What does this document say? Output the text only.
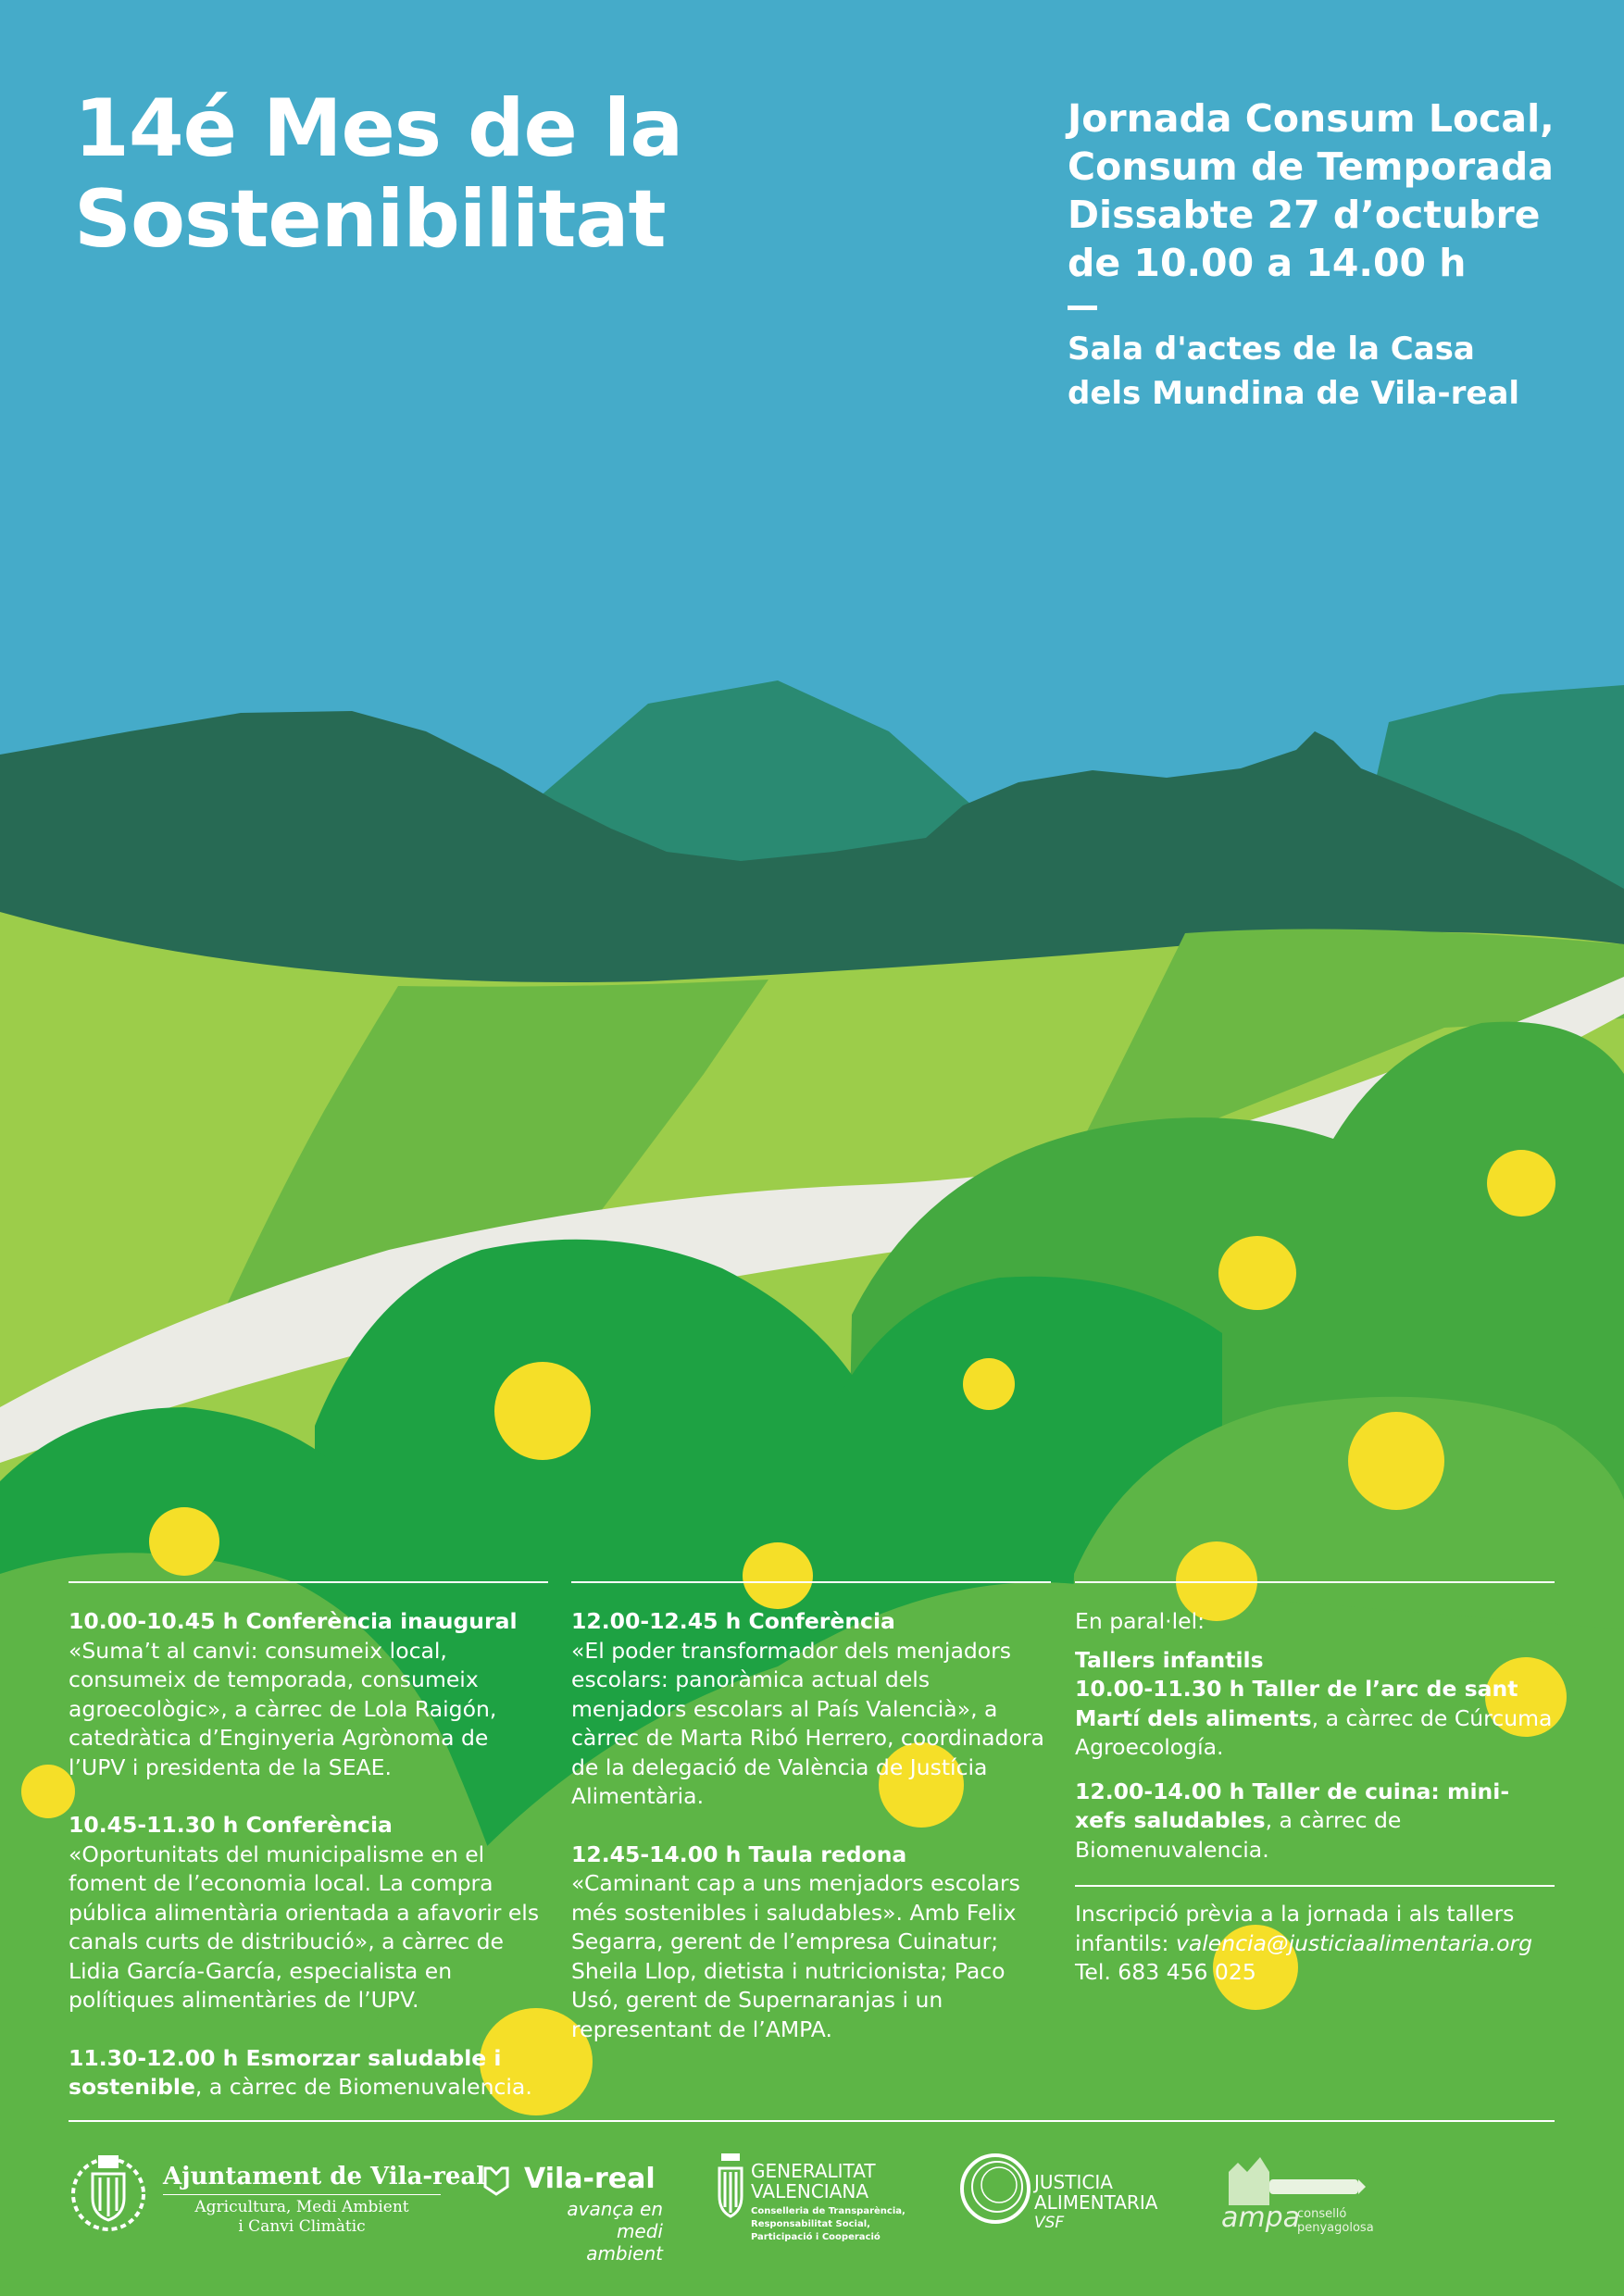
14é Mes de la
Sostenibilitat
Jornada Consum Local,
Consum de Temporada
Dissabte 27 d’octubre
de 10.00 a 14.00 h
Sala d'actes de la Casa
dels Mundina de Vila-real

10.00-10.45 h Conferència inaugural
«Suma’t al canvi: consumeix local, consumeix de temporada, consumeix agroecològic», a càrrec de Lola Raigón, catedràtica d’Enginyeria Agrònoma de l’UPV i presidenta de la SEAE.

10.45-11.30 h Conferència
«Oportunitats del municipalisme en el foment de l’economia local. La compra pública alimentària orientada a afavorir els canals curts de distribució», a càrrec de Lidia García-García, especialista en polítiques alimentàries de l’UPV.

11.30-12.00 h Esmorzar saludable i sostenible, a càrrec de Biomenuvalencia.

12.00-12.45 h Conferència
«El poder transformador dels menjadors escolars: panoràmica actual dels menjadors escolars al País Valencià», a càrrec de Marta Ribó Herrero, coordinadora de la delegació de València de Justícia Alimentària.

12.45-14.00 h Taula redona
«Caminant cap a uns menjadors escolars més sostenibles i saludables». Amb Felix Segarra, gerent de l’empresa Cuinatur; Sheila Llop, dietista i nutricionista; Paco Usó, gerent de Supernaranjas i un representant de l’AMPA.

En paral·lel:

Tallers infantils

10.00-11.30 h Taller de l’arc de sant Martí dels aliments, a càrrec de Cúrcuma Agroecología.

12.00-14.00 h Taller de cuina: mini-xefs saludables, a càrrec de Biomenuvalencia.

Inscripció prèvia a la jornada i als tallers infantils: valencia@justiciaalimentaria.org
Tel. 683 456 025
Ajuntament de Vila-real
Agricultura, Medi Ambient
i Canvi Climàtic
Vila-real
avança en
medi ambient
GENERALITAT
VALENCIANA
Conselleria de Transparència,
Responsabilitat Social,
Participació i Cooperació
JUSTICIA
ALIMENTARIA
VSF	ampa
conselló
penyagolosa
